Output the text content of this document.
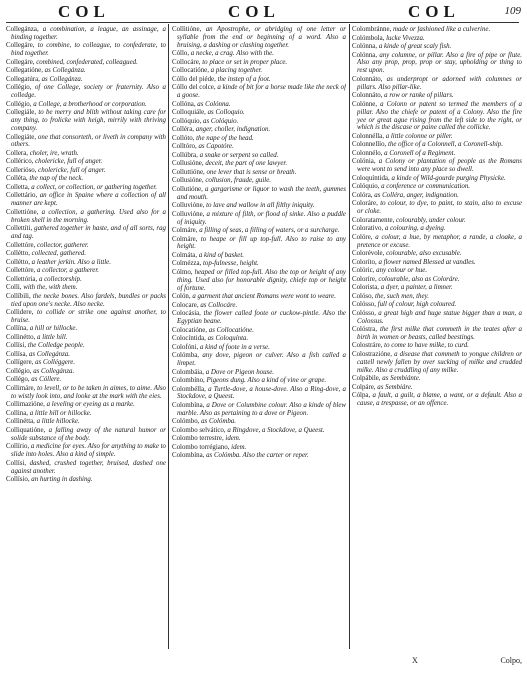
COL	COL	COL	109
Collegánza, a combination, a league, an assinage, a binding together.
Collegáre, to combine, to colleague, to confederate, to bind together.
Collegáre, combined, confederated, colleagued.
Collegatióne, as Collegánza.
Collegatúra, as Collegánza.
Collégio, of one College, society or fraternity. Also a colledge.
Collégio, a College, a brotherhood or corporation.
Collegiále, to be merry and blith without taking care for any thing, to frolicke with heigh, mirrily with thriving company.
Collegiáte, one that consorteth, or liveth in company with others.
Collera, choler, ire, wrath.
Collérico, cholericke, full of anger.
Collerióso, cholericke, full of anger.
Colléta, the nap of the neck.
Colletta, a collect, or collection, or gathering together.
Collettário, an office in Spaine where a collection of all manner are kept.
Collettióne, a collection, a gathering. Used also for a broken shell in the morning.
Collettíti, gathered together in haste, and of all sorts, rag and tag.
Collettóre, collector, gatherer.
Collétto, collected, gathered.
Collétto, a leather jerkin. Also a little.
Collettóre, a collector, a gatherer.
Collettória, a collectorship.
Colli, with the, with them.
Collíbili, the necke bones. Also fardels, bundles or packs tied upon one's necke. Also necke.
Collidere, to collide or strike one against another, to bruise.
Collína, a hill or hillocke.
Collinétto, a little hill.
Collísi, the Colledge people.
Collísa, as Collegánza.
Collígere, as Colléggere.
Collégio, as Collegánza.
Collégo, as Cóllere.
Collimáre, to levell, or to be taken in aimes, to aime. Also to wistly look into, and looke at the mark with the eies.
Collimazióne, a leveling or eyeing as a marke.
Collina, a little hill or hillocke.
Collinétta, a little hillocke.
Colliquatióne, a falling away of the natural humor or solide substance of the body.
Collírio, a medicine for eyes. Also for anything to make to slide into holes. Also a kind of simple.
Collísi, dashed, crushed together, bruised, dashed one against another.
Collísio, an hurting in dashing.
Collitióne, an Apostrophe, or abridging of one letter or syllable from the end or beginning of a word. Also a bruising, a dashing or clashing together.
Cóllo, a necke, a crag. Also with the.
Collocáre, to place or set in proper place.
Collocatióne, a placing together.
Cóllo del piéde, the instep of a foot.
Cóllo del colce, a kinde of bit for a horse made like the neck of a goose.
Collóna, as Colónna.
Colloquiále, as Colloquio.
Collóquio, as Colóquio.
Colléra, anger, choller, indignation.
Collóto, the nape of the head.
Colltóro, as Capotóre.
Collúbra, a snake or serpent so called.
Collusióne, deceit, the part of one lawyer.
Colluttióne, one lever that is sense or breath.
Collusióne, collusion, fraude, guile.
Collutióne, a gargarisme or liquor to wash the teeth, gummes and mouth.
Colluvióne, to lave and wallow in all filthy iniquity.
Colluvióne, a mixture of filth, or flood of sinke. Also a puddle of iniquity.
Colmáre, a filling of seas, a filling of waters, or a surcharge.
Colmáre, to heape or fill up top-full. Also to raise to any height.
Colmáta, a kind of basket.
Colmézza, top-fulnesse, height.
Cólmo, heaped or filled top-full. Also the top or height of any thing. Used also for honorable dignity, chiefe top or height of fortune.
Colón, a garment that ancient Romans were wont to weare.
Colocare, as Collocáre.
Colocásia, the flower called foote or cuckow-pintle. Also the Egyptian beane.
Colocatióne, as Collocatióne.
Colocíntida, as Coloquínta.
Colofóni, a kind of foote in a verse.
Colómba, any dove, pigeon or culver. Also a fish called a limpet.
Colombáia, a Dove or Pigeon house.
Colombíno, Pigeons dung. Also a kind of vine or grape.
Colombélla, a Turtle-dove, a house-dove. Also a Ring-dove, a Stockdove, a Queest.
Colombína, a Dove or Columbine colour. Also a kinde of blew marble. Also as pertaining to a dove or Pigeon.
Colómbo, as Colómba.
Colombo selvático, a Ringdove, a Stockdove, a Queest.
Colombo terrestre, idem.
Colombo torrégiano, idem.
Colombína, as Colómba. Also the carter or reper.
Colombránne, made or fashioned like a culverine.
Colómbola, lucke Vivezza.
Colónna, a kinde of great scaly fish.
Colónna, any columne, or pillar. Also a fire of pipe or flute. Also any prop, prop, prop or stay, upholding or thing to rest upon.
Colonnáto, as underpropt or adorned with columnes or pillars. Also pillar-like.
Colonnáto, a row or ranke of pillars.
Colónne, a Colonn or patent so termed the members of a pillar. Also the chiefe or patent of a Colony. Also the fire yee or great ague rising from the left side to the right, or which is the discase or paine called the collicke.
Colonnélla, a little colonne or piller.
Colonnellío, the office of a Colonnell, a Coronell-ship.
Colonnélo, a Coronell of a Regiment.
Colónia, a Colony or plantation of people as the Romans were wont to send into any place so dwell.
Coloquíntida, a kinde of Wild-gourde purging Physicke.
Colóquio, a conference or communication.
Colóra, as Colléra, anger, indignation.
Coloráre, to colour, to dye, to paint, to stain, also to excuse or cloke.
Coloratamente, colourably, under colour.
Colorativo, a colouring, a dyeing.
Colóre, a colour, a hue, by metaphor, a rande, a cloake, a pretence or excuse.
Colorévole, colourable, also excusable.
Coloríto, a flower named Blessed at vandles.
Colóric, any colour or hue.
Coloríre, colourable, also as Coloráre.
Colorista, a dyer, a painter, a limner.
Colóso, the, such men, they.
Colósso, full of colour, high coloured.
Colósso, a great high and huge statue bigger than a man, a Colossus.
Colóstra, the first milke that commeth in the teates after a birth in women or beasts, called beestings.
Colostráre, to come to have milke, to curd.
Colostrazióne, a disease that commeth to yongue children or cattell newly fallen by over sucking of milke and crudded milke. Also a cruddling of any milke.
Colpábile, as Sembiánte.
Colpáre, as Sembiáre.
Cólpa, a fault, a guilt, a blame, a want, or a default. Also a cause, a trespasse, or an offence.
X	Colpo,
